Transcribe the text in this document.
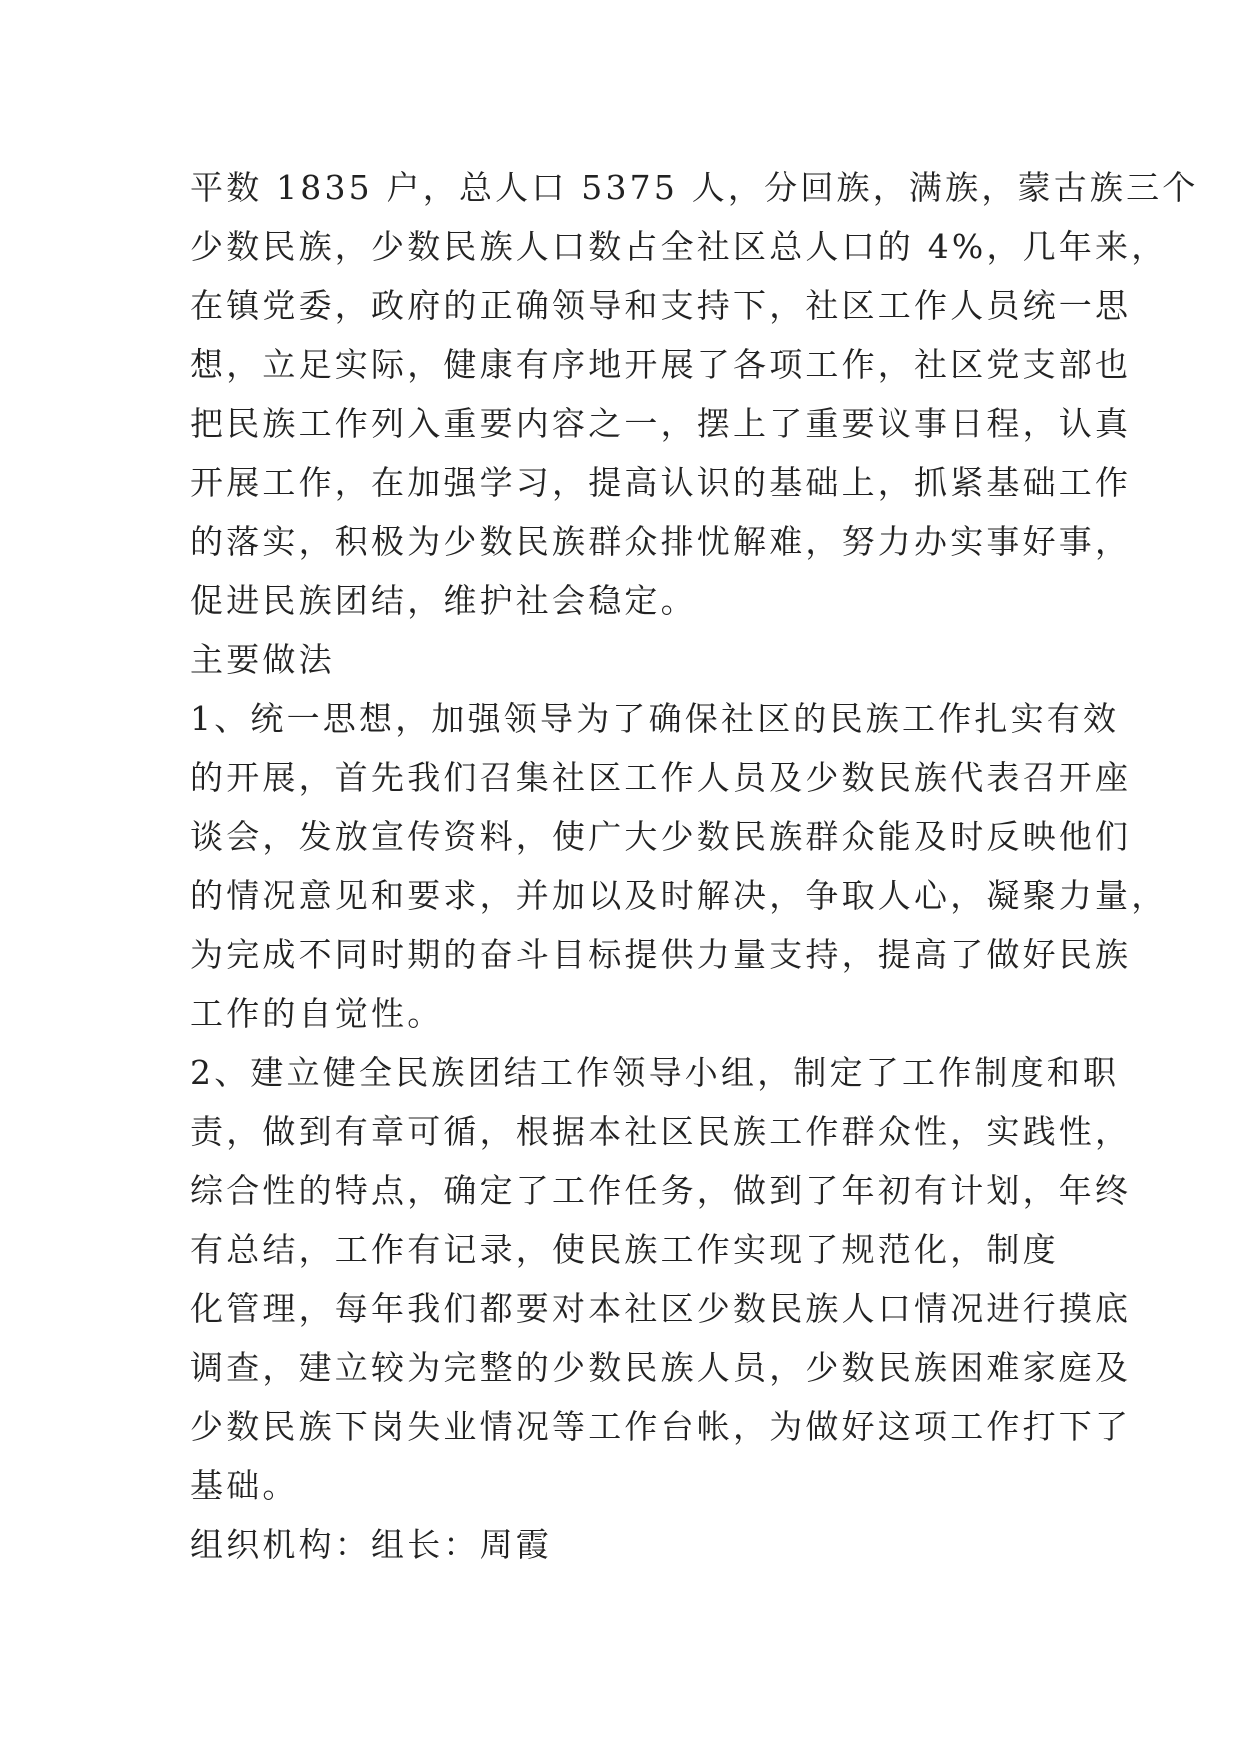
平数 1835 户，总人口 5375 人，分回族，满族，蒙古族三个
少数民族，少数民族人口数占全社区总人口的 4%，几年来，
在镇党委，政府的正确领导和支持下，社区工作人员统一思
想，立足实际，健康有序地开展了各项工作，社区党支部也
把民族工作列入重要内容之一，摆上了重要议事日程，认真
开展工作，在加强学习，提高认识的基础上，抓紧基础工作
的落实，积极为少数民族群众排忧解难，努力办实事好事，
促进民族团结，维护社会稳定。
主要做法
1、统一思想，加强领导为了确保社区的民族工作扎实有效
的开展，首先我们召集社区工作人员及少数民族代表召开座
谈会，发放宣传资料，使广大少数民族群众能及时反映他们
的情况意见和要求，并加以及时解决，争取人心，凝聚力量，
为完成不同时期的奋斗目标提供力量支持，提高了做好民族
工作的自觉性。
2、建立健全民族团结工作领导小组，制定了工作制度和职
责，做到有章可循，根据本社区民族工作群众性，实践性，
综合性的特点，确定了工作任务，做到了年初有计划，年终
有总结，工作有记录，使民族工作实现了规范化，制度
化管理，每年我们都要对本社区少数民族人口情况进行摸底
调查，建立较为完整的少数民族人员，少数民族困难家庭及
少数民族下岗失业情况等工作台帐，为做好这项工作打下了
基础。
组织机构：组长：周霞
